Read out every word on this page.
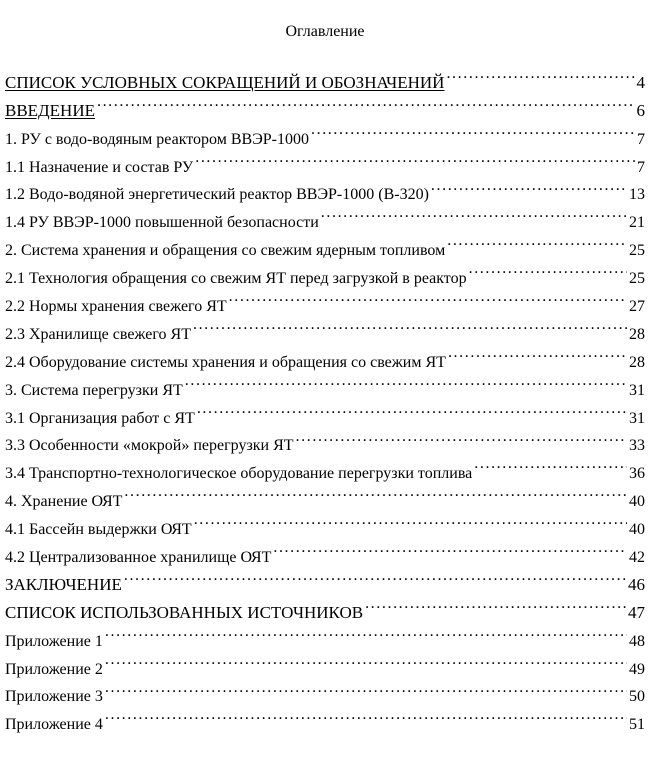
Оглавление
СПИСОК УСЛОВНЫХ СОКРАЩЕНИЙ И ОБОЗНАЧЕНИЙ . . .	4
ВВЕДЕНИЕ . . .	6
1. РУ с водо-водяным реактором ВВЭР-1000 . . .	7
1.1 Назначение и состав РУ . . .	7
1.2 Водо-водяной энергетический реактор ВВЭР-1000 (В-320) . . .	13
1.4 РУ ВВЭР-1000 повышенной безопасности . . .	21
2. Система хранения и обращения со свежим ядерным топливом . . .	25
2.1 Технология обращения со свежим ЯТ перед загрузкой в реактор . . .	25
2.2 Нормы хранения свежего ЯТ . . .	27
2.3 Хранилище свежего ЯТ . . .	28
2.4 Оборудование системы хранения и обращения со свежим ЯТ . . .	28
3. Система перегрузки ЯТ . . .	31
3.1 Организация работ с ЯТ . . .	31
3.3 Особенности «мокрой» перегрузки ЯТ . . .	33
3.4 Транспортно-технологическое оборудование перегрузки топлива . . .	36
4. Хранение ОЯТ . . .	40
4.1 Бассейн выдержки ОЯТ . . .	40
4.2 Централизованное хранилище ОЯТ . . .	42
ЗАКЛЮЧЕНИЕ . . .	46
СПИСОК ИСПОЛЬЗОВАННЫХ ИСТОЧНИКОВ . . .	47
Приложение 1 . . .	48
Приложение 2 . . .	49
Приложение 3 . . .	50
Приложение 4 . . .	51
